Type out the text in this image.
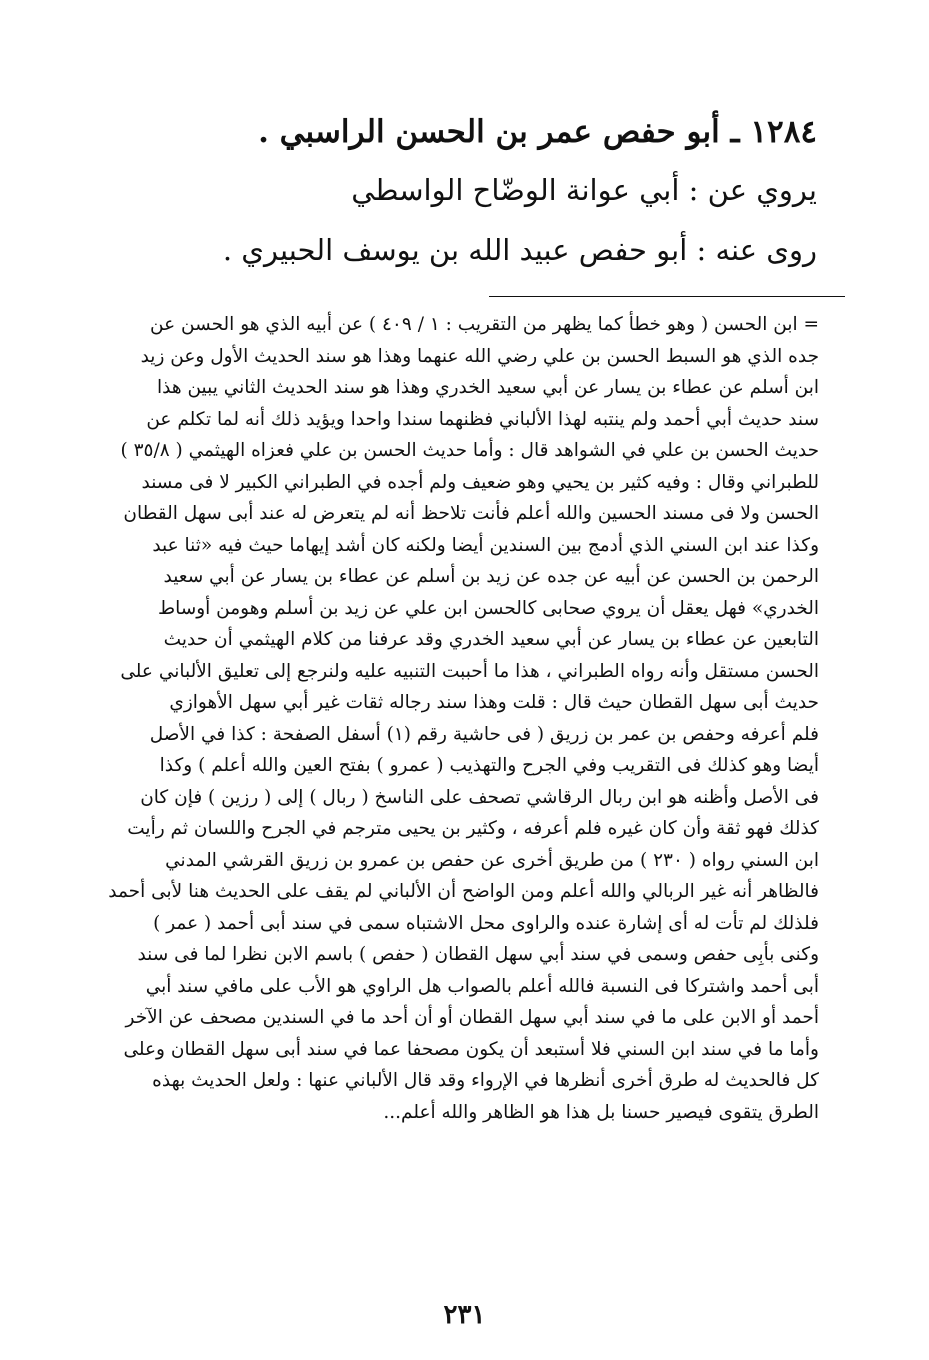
١٢٨٤ ـ أبو حفص عمر بن الحسن الراسبي .

يروي عن : أبي عوانة الوضّاح الواسطي

روى عنه : أبو حفص عبيد الله بن يوسف الحبيري .

= ابن الحسن ( وهو خطأ كما يظهر من التقريب : ١ / ٤٠٩ ) عن أبيه الذي هو الحسن عن

جده الذي هو السبط الحسن بن علي رضي الله عنهما وهذا هو سند الحديث الأول وعن زيد

ابن أسلم عن عطاء بن يسار عن أبي سعيد الخدري وهذا هو سند الحديث الثاني يبين هذا

سند حديث أبي أحمد ولم ينتبه لهذا الألباني فظنهما سندا واحدا ويؤيد ذلك أنه لما تكلم عن

حديث الحسن بن علي في الشواهد قال : وأما حديث الحسن بن علي فعزاه الهيثمي ( ٣٥/٨ )

للطبراني وقال : وفيه كثير بن يحيي وهو ضعيف ولم أجده في الطبراني الكبير لا فى مسند

الحسن ولا فى مسند الحسين والله أعلم فأنت تلاحظ أنه لم يتعرض له عند أبى سهل القطان

وكذا عند ابن السني الذي أدمج بين السندين أيضا ولكنه كان أشد إيهاما حيث فيه «ثنا عبد

الرحمن بن الحسن عن أبيه عن جده عن زيد بن أسلم عن عطاء بن يسار عن أبي سعيد

الخدري» فهل يعقل أن يروي صحابى كالحسن ابن علي عن زيد بن أسلم وهومن أوساط

التابعين عن عطاء بن يسار عن أبي سعيد الخدري وقد عرفنا من كلام الهيثمي أن حديث

الحسن مستقل وأنه رواه الطبراني ، هذا ما أحببت التنبيه عليه ولنرجع إلى تعليق الألباني على

حديث أبى سهل القطان حيث قال : قلت وهذا سند رجاله ثقات غير أبي سهل الأهوازي

فلم أعرفه وحفص بن عمر بن زريق ( فى حاشية رقم (١) أسفل الصفحة : كذا في الأصل

أيضا وهو كذلك فى التقريب وفي الجرح والتهذيب ( عمرو ) بفتح العين والله أعلم ) وكذا

فى الأصل وأظنه هو ابن ربال الرقاشي تصحف على الناسخ ( ربال ) إلى ( رزين ) فإن كان

كذلك فهو ثقة وأن كان غيره فلم أعرفه ، وكثير بن يحيى مترجم في الجرح واللسان ثم رأيت

ابن السني رواه ( ٢٣٠ ) من طريق أخرى عن حفص بن عمرو بن زريق القرشي المدني

فالظاهر أنه غير الربالي والله أعلم ومن الواضح أن الألباني لم يقف على الحديث هنا لأبى أحمد

فلذلك لم تأت له أى إشارة عنده والراوى محل الاشتباه سمى في سند أبى أحمد ( عمر )

وكنى بأبِى حفص وسمى في سند أبي سهل القطان ( حفص ) باسم الابن نظرا لما فى سند

أبى أحمد واشتركا فى النسبة فالله أعلم بالصواب هل الراوي هو الأب على مافي سند أبي

أحمد أو الابن على ما في سند أبي سهل القطان أو أن أحد ما في السندين مصحف عن الآخر

وأما ما في سند ابن السني فلا أستبعد أن يكون مصحفا عما في سند أبى سهل القطان وعلى

كل فالحديث له طرق أخرى أنظرها في الإرواء وقد قال الألباني عنها : ولعل الحديث بهذه

الطرق يتقوى فيصير حسنا بل هذا هو الظاهر والله أعلم...

٢٣١
